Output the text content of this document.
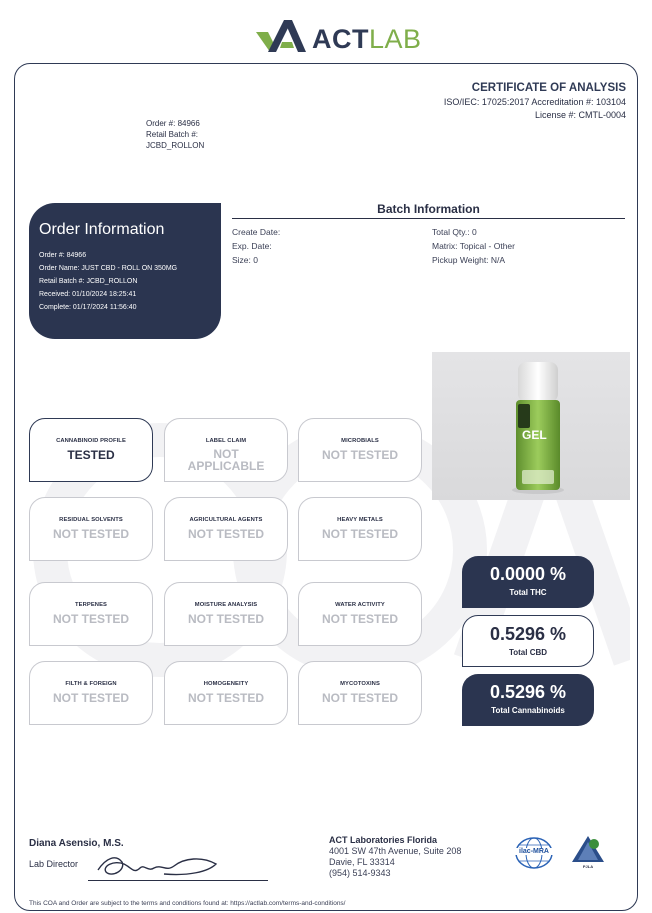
ACTLAB
Order #: 84966
Retail Batch #:
JCBD_ROLLON
CERTIFICATE OF ANALYSIS
ISO/IEC: 17025:2017 Accreditation #: 103104
License #: CMTL-0004
Order Information
Order #: 84966
Order Name: JUST CBD - ROLL ON 350MG
Retail Batch #: JCBD_ROLLON
Received: 01/10/2024 18:25:41
Complete: 01/17/2024 11:56:40
Batch Information
Create Date:
Exp. Date:
Size: 0
Total Qty.: 0
Matrix: Topical - Other
Pickup Weight: N/A
GEL
CANNABINOID PROFILE
TESTED
LABEL CLAIM
NOT APPLICABLE
MICROBIALS
NOT TESTED
RESIDUAL SOLVENTS
NOT TESTED
AGRICULTURAL AGENTS
NOT TESTED
HEAVY METALS
NOT TESTED
TERPENES
NOT TESTED
MOISTURE ANALYSIS
NOT TESTED
WATER ACTIVITY
NOT TESTED
FILTH & FOREIGN
NOT TESTED
HOMOGENEITY
NOT TESTED
MYCOTOXINS
NOT TESTED
0.0000 %
Total THC
0.5296 %
Total CBD
0.5296 %
Total Cannabinoids
Diana Asensio, M.S.
Lab Director
ACT Laboratories Florida
4001 SW 47th Avenue, Suite 208
Davie, FL 33314
(954) 514-9343
ilac-MRA
PJLA
This COA and Order are subject to the terms and conditions found at: https://actlab.com/terms-and-conditions/
